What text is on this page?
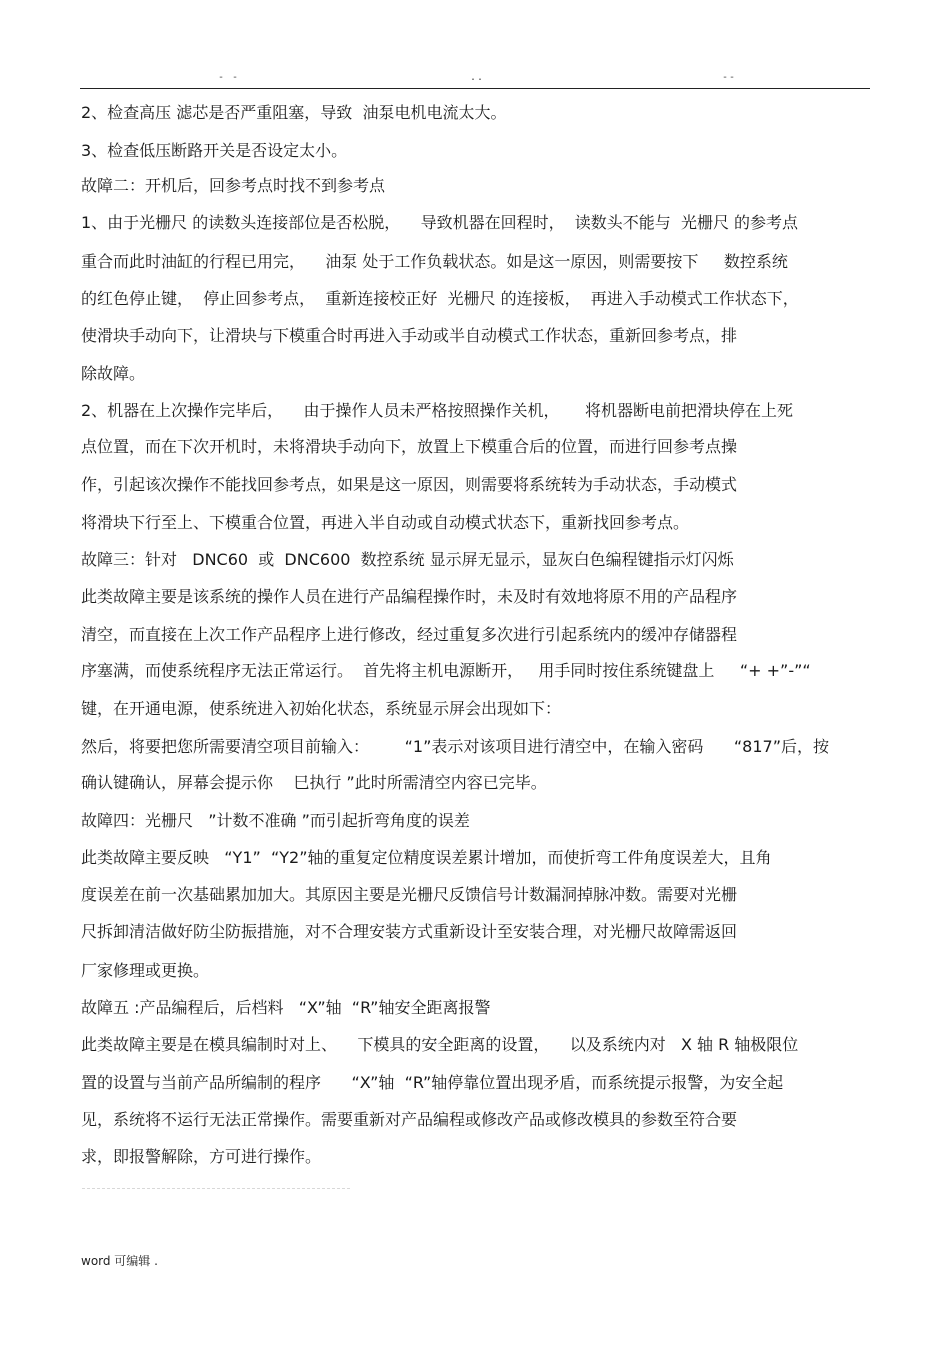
- -	..	--
2、检查高压 滤芯是否严重阻塞，导致  油泵电机电流太大。
3、检查低压断路开关是否设定太小。
故障二：开机后，回参考点时找不到参考点
1、由于光栅尺 的读数头连接部位是否松脱，    导致机器在回程时，  读数头不能与  光栅尺 的参考点
重合而此时油缸的行程已用完，    油泵 处于工作负载状态。如是这一原因，则需要按下     数控系统
的红色停止键，  停止回参考点，  重新连接校正好  光栅尺 的连接板，  再进入手动模式工作状态下，
使滑块手动向下，让滑块与下模重合时再进入手动或半自动模式工作状态，重新回参考点，排
除故障。
2、机器在上次操作完毕后，    由于操作人员未严格按照操作关机，     将机器断电前把滑块停在上死
点位置，而在下次开机时，未将滑块手动向下，放置上下模重合后的位置，而进行回参考点操
作，引起该次操作不能找回参考点，如果是这一原因，则需要将系统转为手动状态，手动模式
将滑块下行至上、下模重合位置，再进入半自动或自动模式状态下，重新找回参考点。
故障三：针对   DNC60  或  DNC600  数控系统 显示屏无显示，显灰白色编程键指示灯闪烁
此类故障主要是该系统的操作人员在进行产品编程操作时，未及时有效地将原不用的产品程序
清空，而直接在上次工作产品程序上进行修改，经过重复多次进行引起系统内的缓冲存储器程
序塞满，而使系统程序无法正常运行。  首先将主机电源断开，   用手同时按住系统键盘上     “+ +”-”“
键，在开通电源，使系统进入初始化状态，系统显示屏会出现如下：
然后，将要把您所需要清空项目前输入：       “1”表示对该项目进行清空中，在输入密码      “817”后，按
确认键确认，屏幕会提示你    巳执行 ”此时所需清空内容已完毕。
故障四：光栅尺   ”计数不准确 ”而引起折弯角度的误差
此类故障主要反映   “Y1”  “Y2”轴的重复定位精度误差累计增加，而使折弯工件角度误差大，且角
度误差在前一次基础累加加大。其原因主要是光栅尺反馈信号计数漏洞掉脉冲数。需要对光栅
尺拆卸清洁做好防尘防振措施，对不合理安装方式重新设计至安装合理，对光栅尺故障需返回
厂家修理或更换。
故障五 :产品编程后，后档料   “X”轴  “R”轴安全距离报警
此类故障主要是在模具编制时对上、    下模具的安全距离的设置，    以及系统内对   X 轴 R 轴极限位
置的设置与当前产品所编制的程序      “X”轴  “R”轴停靠位置出现矛盾，而系统提示报警，为安全起
见，系统将不运行无法正常操作。需要重新对产品编程或修改产品或修改模具的参数至符合要
求，即报警解除，方可进行操作。
word 可编辑 .
